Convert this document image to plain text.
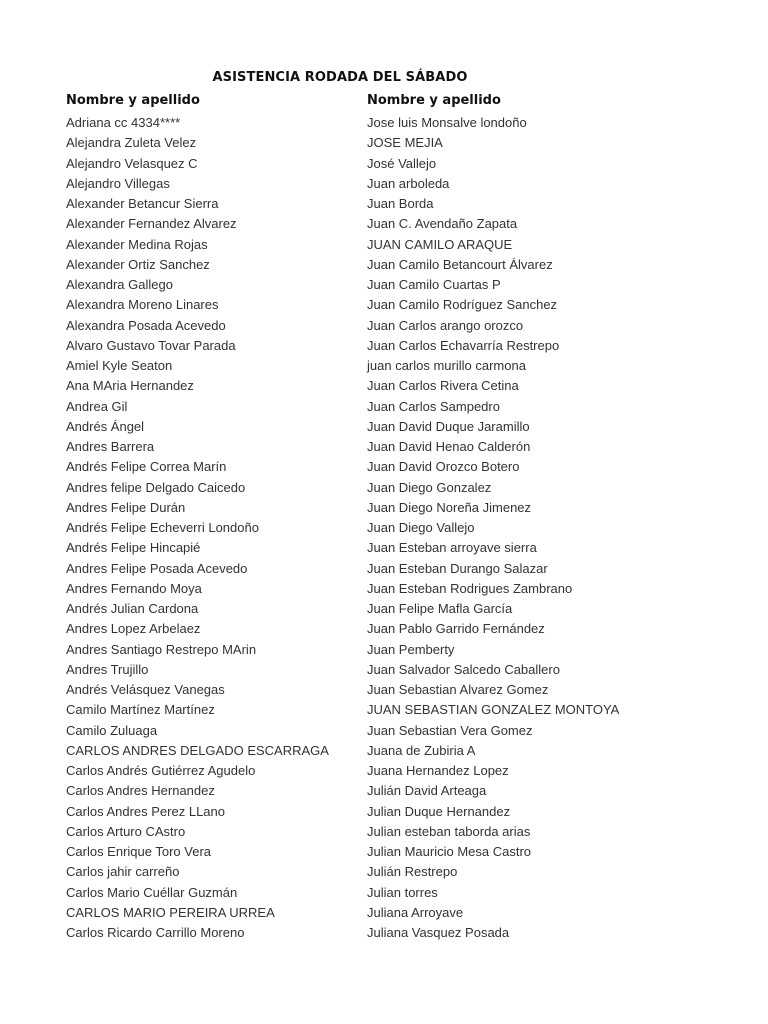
ASISTENCIA RODADA DEL SÁBADO
Nombre y apellido
Adriana cc 4334****
Alejandra Zuleta Velez
Alejandro Velasquez C
Alejandro Villegas
Alexander Betancur Sierra
Alexander Fernandez Alvarez
Alexander Medina Rojas
Alexander Ortiz Sanchez
Alexandra Gallego
Alexandra Moreno Linares
Alexandra Posada Acevedo
Alvaro Gustavo Tovar Parada
Amiel Kyle Seaton
Ana MAria Hernandez
Andrea Gil
Andrés Ángel
Andres Barrera
Andrés Felipe Correa Marín
Andres felipe Delgado Caicedo
Andres Felipe Durán
Andrés Felipe Echeverri Londoño
Andrés Felipe Hincapié
Andres Felipe Posada Acevedo
Andres Fernando Moya
Andrés Julian Cardona
Andres Lopez Arbelaez
Andres Santiago Restrepo MArin
Andres Trujillo
Andrés Velásquez Vanegas
Camilo Martínez Martínez
Camilo Zuluaga
CARLOS ANDRES DELGADO ESCARRAGA
Carlos Andrés Gutiérrez Agudelo
Carlos Andres Hernandez
Carlos Andres Perez LLano
Carlos Arturo CAstro
Carlos Enrique Toro Vera
Carlos jahir carreño
Carlos Mario Cuéllar Guzmán
CARLOS MARIO PEREIRA URREA
Carlos Ricardo Carrillo Moreno
Nombre y apellido
Jose luis Monsalve londoño
JOSE MEJIA
José Vallejo
Juan arboleda
Juan Borda
Juan C. Avendaño Zapata
JUAN CAMILO ARAQUE
Juan Camilo Betancourt Álvarez
Juan Camilo Cuartas P
Juan Camilo Rodríguez Sanchez
Juan Carlos arango orozco
Juan Carlos Echavarría Restrepo
juan carlos murillo carmona
Juan Carlos Rivera Cetina
Juan Carlos Sampedro
Juan David Duque Jaramillo
Juan David Henao Calderón
Juan David Orozco Botero
Juan Diego Gonzalez
Juan Diego Noreña Jimenez
Juan Diego Vallejo
Juan Esteban arroyave sierra
Juan Esteban Durango Salazar
Juan Esteban Rodrigues Zambrano
Juan Felipe Mafla García
Juan Pablo Garrido Fernández
Juan Pemberty
Juan Salvador Salcedo Caballero
Juan Sebastian Alvarez Gomez
JUAN SEBASTIAN GONZALEZ MONTOYA
Juan Sebastian Vera Gomez
Juana de Zubiria A
Juana Hernandez Lopez
Julián David Arteaga
Julian Duque Hernandez
Julian esteban taborda arias
Julian Mauricio Mesa Castro
Julián Restrepo
Julian torres
Juliana Arroyave
Juliana Vasquez Posada
